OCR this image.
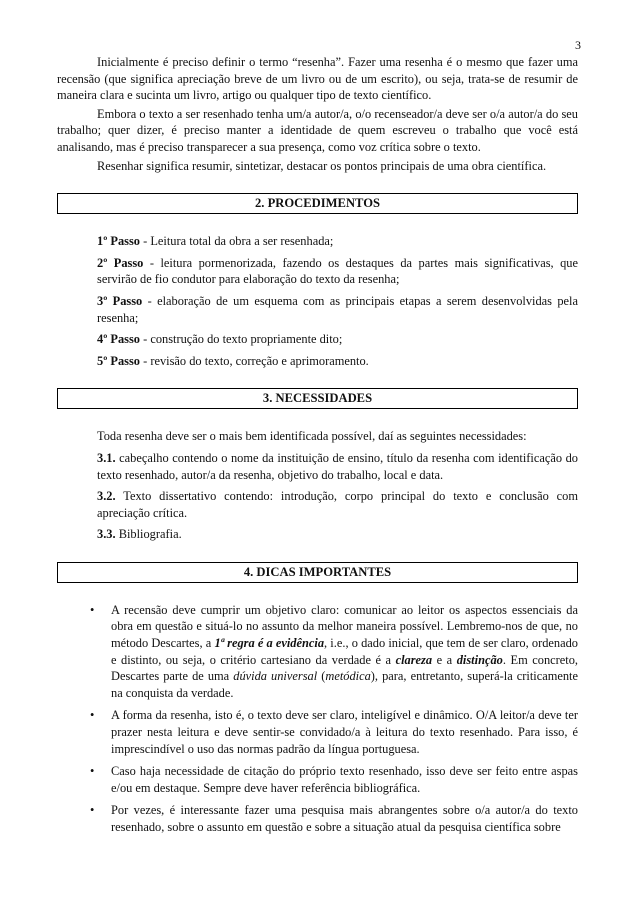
3

Inicialmente é preciso definir o termo “resenha”. Fazer uma resenha é o mesmo que fazer uma recensão (que significa apreciação breve de um livro ou de um escrito), ou seja, trata-se de resumir de maneira clara e sucinta um livro, artigo ou qualquer tipo de texto científico.

Embora o texto a ser resenhado tenha um/a autor/a, o/o recenseador/a deve ser o/a autor/a do seu trabalho; quer dizer, é preciso manter a identidade de quem escreveu o trabalho que você está analisando, mas é preciso transparecer a sua presença, como voz crítica sobre o texto.

Resenhar significa resumir, sintetizar, destacar os pontos principais de uma obra científica.

2. PROCEDIMENTOS

1º Passo - Leitura total da obra a ser resenhada;

2º Passo - leitura pormenorizada, fazendo os destaques da partes mais significativas, que servirão de fio condutor para elaboração do texto da resenha;

3º Passo - elaboração de um esquema com as principais etapas a serem desenvolvidas pela resenha;

4º Passo - construção do texto propriamente dito;

5º Passo - revisão do texto, correção e aprimoramento.

3. NECESSIDADES

Toda resenha deve ser o mais bem identificada possível, daí as seguintes necessidades:

3.1. cabeçalho contendo o nome da instituição de ensino, título da resenha com identificação do texto resenhado, autor/a da resenha, objetivo do trabalho, local e data.

3.2. Texto dissertativo contendo: introdução, corpo principal do texto e conclusão com apreciação crítica.

3.3. Bibliografia.

4. DICAS IMPORTANTES
• A recensão deve cumprir um objetivo claro: comunicar ao leitor os aspectos essenciais da obra em questão e situá-lo no assunto da melhor maneira possível. Lembremo-nos de que, no método Descartes, a 1ª regra é a evidência, i.e., o dado inicial, que tem de ser claro, ordenado e distinto, ou seja, o critério cartesiano da verdade é a clareza e a distinção. Em concreto, Descartes parte de uma dúvida universal (metódica), para, entretanto, superá-la criticamente na conquista da verdade.
• A forma da resenha, isto é, o texto deve ser claro, inteligível e dinâmico. O/A leitor/a deve ter prazer nesta leitura e deve sentir-se convidado/a à leitura do texto resenhado. Para isso, é imprescindível o uso das normas padrão da língua portuguesa.
• Caso haja necessidade de citação do próprio texto resenhado, isso deve ser feito entre aspas e/ou em destaque. Sempre deve haver referência bibliográfica.
• Por vezes, é interessante fazer uma pesquisa mais abrangentes sobre o/a autor/a do texto resenhado, sobre o assunto em questão e sobre a situação atual da pesquisa científica sobre
